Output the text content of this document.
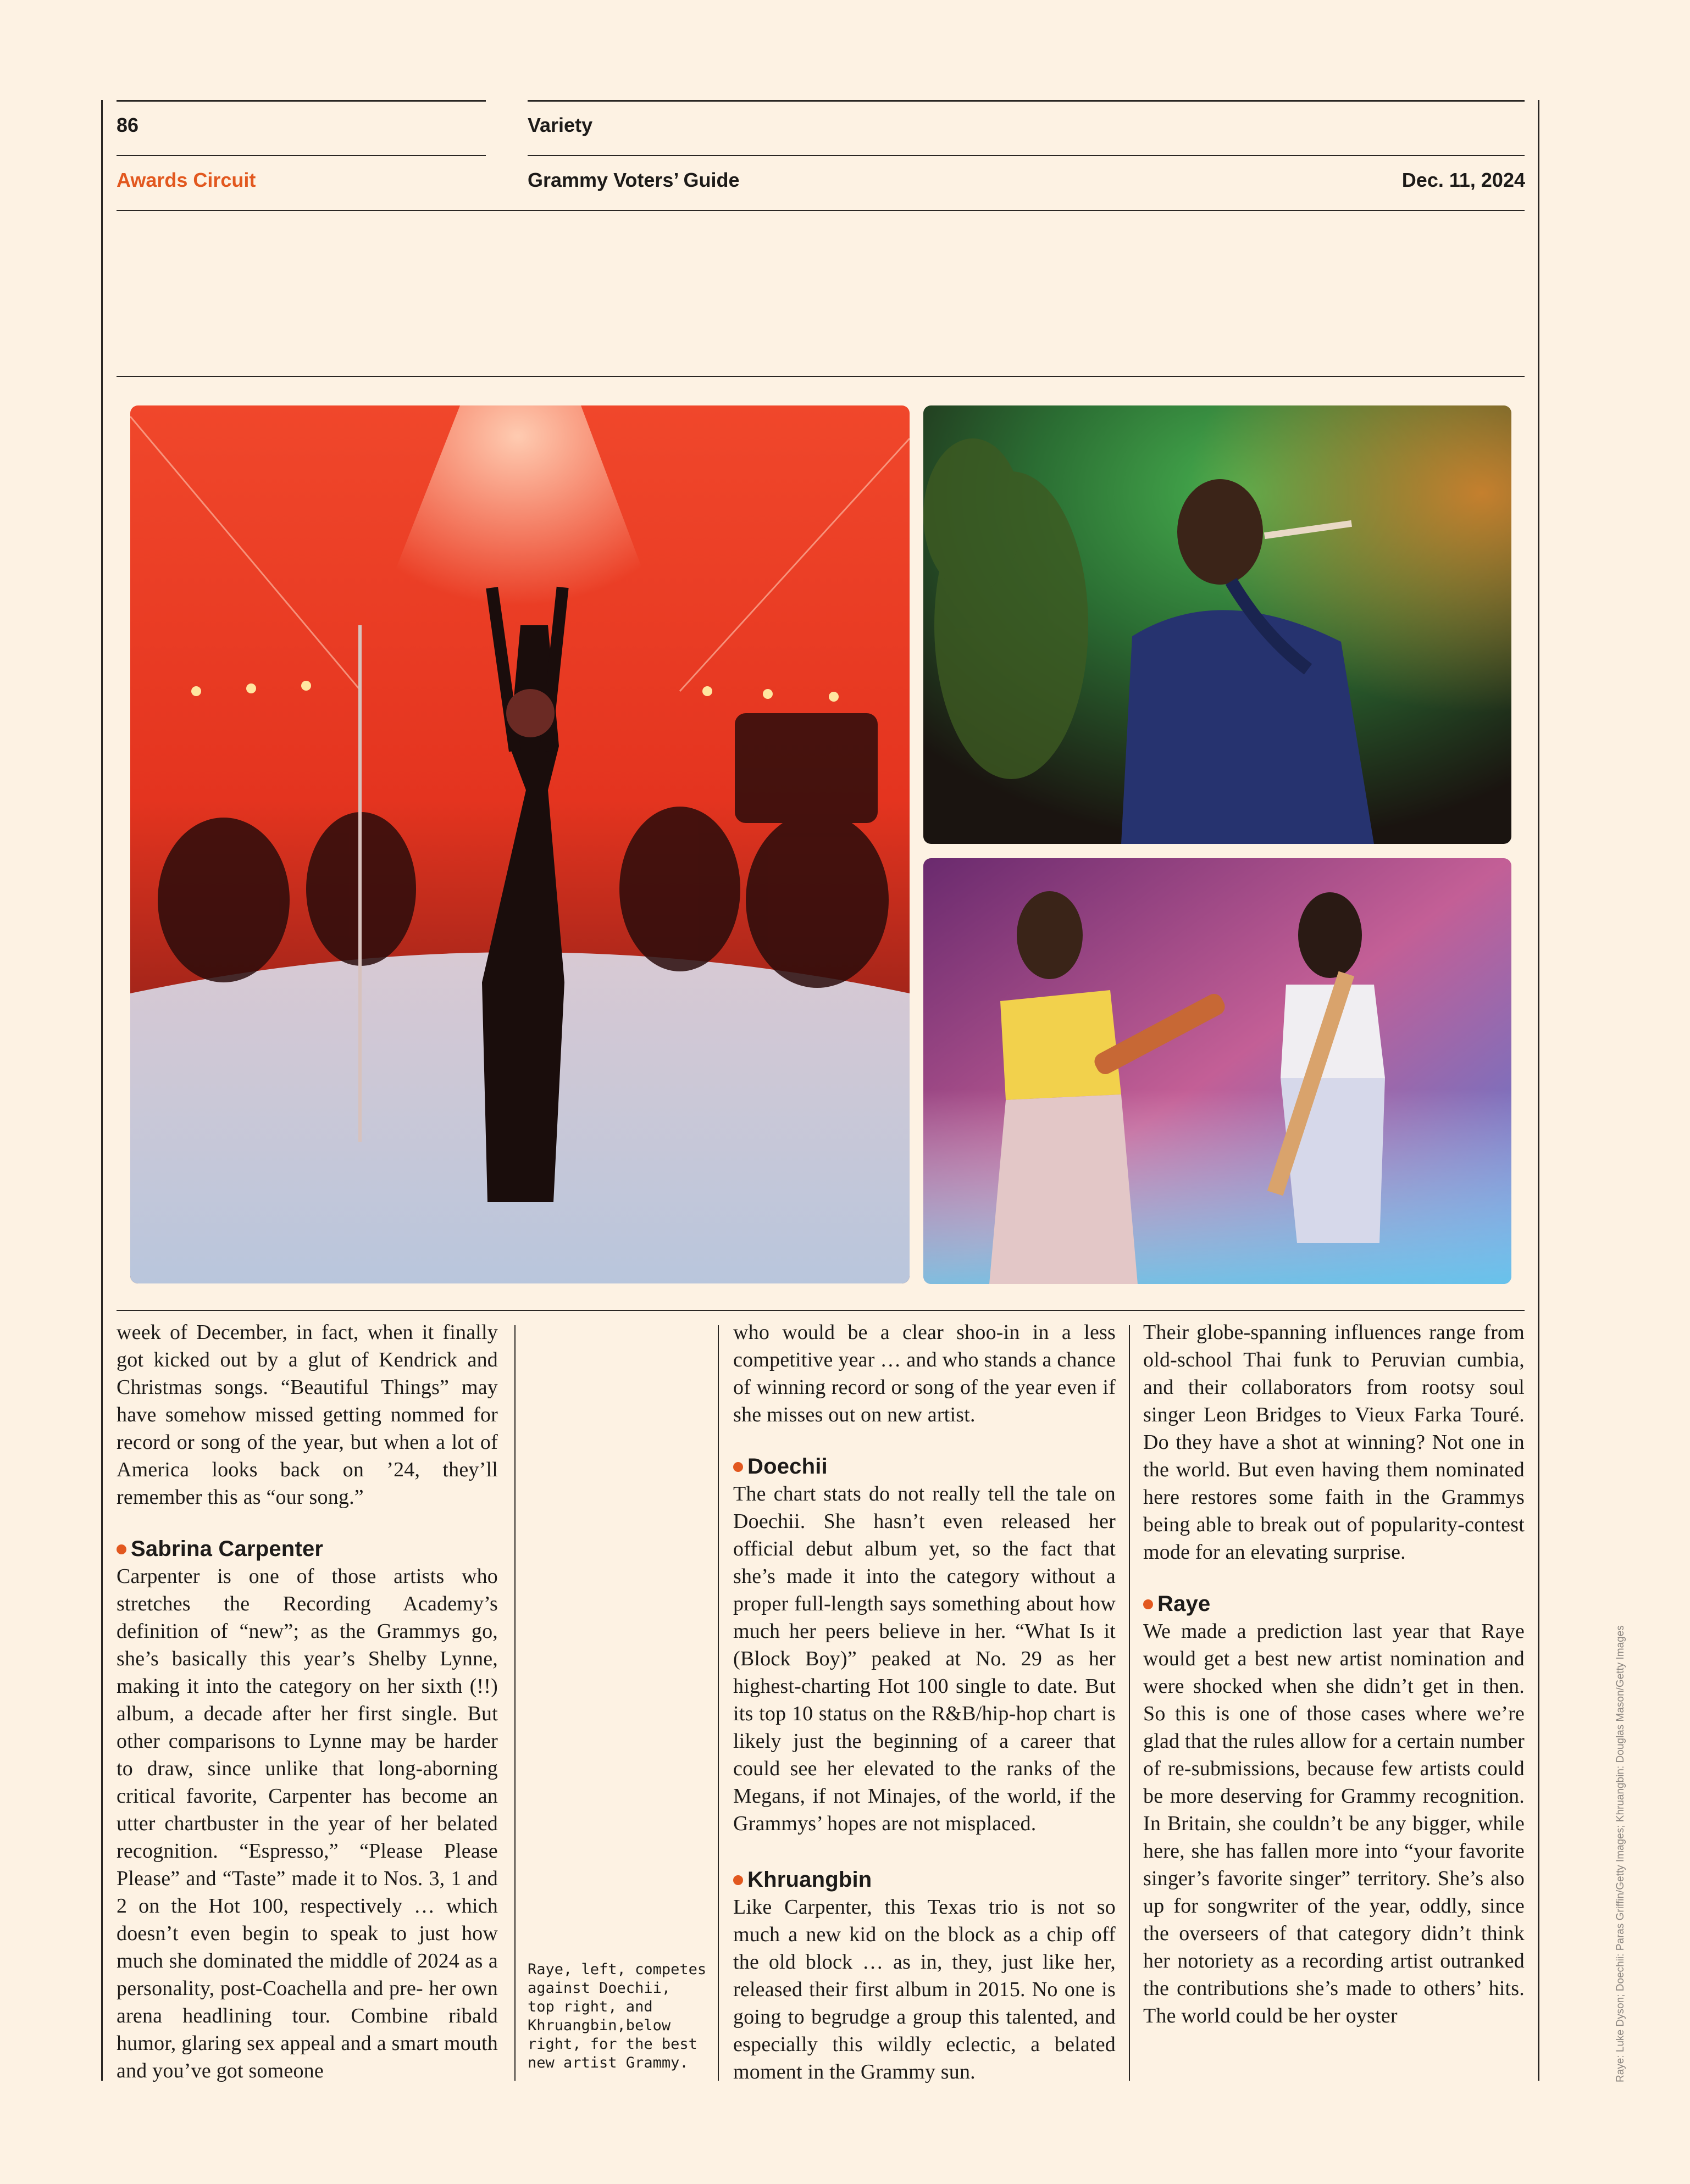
86	Variety
Awards Circuit	Grammy Voters’ Guide	Dec. 11, 2024

week of December, in fact, when it finally got kicked out by a glut of Kendrick and Christmas songs. “Beautiful Things” may have somehow missed getting nommed for record or song of the year, but when a lot of America looks back on ’24, they’ll remember this as “our song.”

Sabrina Carpenter

Carpenter is one of those artists who stretches the Recording Academy’s definition of “new”; as the Grammys go, she’s basically this year’s Shelby Lynne, making it into the category on her sixth (!!) album, a decade after her first single. But other comparisons to Lynne may be harder to draw, since unlike that long-aborning critical favorite, Carpenter has become an utter chartbuster in the year of her belated recognition. “Espresso,” “Please Please Please” and “Taste” made it to Nos. 3, 1 and 2 on the Hot 100, respectively … which doesn’t even begin to speak to just how much she dominated the middle of 2024 as a personality, post-Coachella and pre- her own arena headlining tour. Combine ribald humor, glaring sex appeal and a smart mouth and you’ve got someone

Raye, left, competes
against Doechii,
top right, and
Khruangbin,below
right, for the best
new artist Grammy.

who would be a clear shoo-in in a less competitive year … and who stands a chance of winning record or song of the year even if she misses out on new artist.

Doechii

The chart stats do not really tell the tale on Doechii. She hasn’t even released her official debut album yet, so the fact that she’s made it into the category without a proper full-length says something about how much her peers believe in her. “What Is it (Block Boy)” peaked at No. 29 as her highest-charting Hot 100 single to date. But its top 10 status on the R&B/hip-hop chart is likely just the beginning of a career that could see her elevated to the ranks of the Megans, if not Minajes, of the world, if the Grammys’ hopes are not misplaced.

Khruangbin

Like Carpenter, this Texas trio is not so much a new kid on the block as a chip off the old block … as in, they, just like her, released their first album in 2015. No one is going to begrudge a group this talented, and especially this wildly eclectic, a belated moment in the Grammy sun.

Their globe-spanning influences range from old-school Thai funk to Peruvian cumbia, and their collaborators from rootsy soul singer Leon Bridges to Vieux Farka Touré. Do they have a shot at winning? Not one in the world. But even having them nominated here restores some faith in the Grammys being able to break out of popularity-contest mode for an elevating surprise.

Raye

We made a prediction last year that Raye would get a best new artist nomination and were shocked when she didn’t get in then. So this is one of those cases where we’re glad that the rules allow for a certain number of re-submissions, because few artists could be more deserving for Grammy recognition. In Britain, she couldn’t be any bigger, while here, she has fallen more into “your favorite singer’s favorite singer” territory. She’s also up for songwriter of the year, oddly, since the overseers of that category didn’t think her notoriety as a recording artist outranked the contributions she’s made to others’ hits. The world could be her oyster	Raye: Luke Dyson; Doechii: Paras Griffin/Getty Images; Khruangbin: Douglas Mason/Getty Images
